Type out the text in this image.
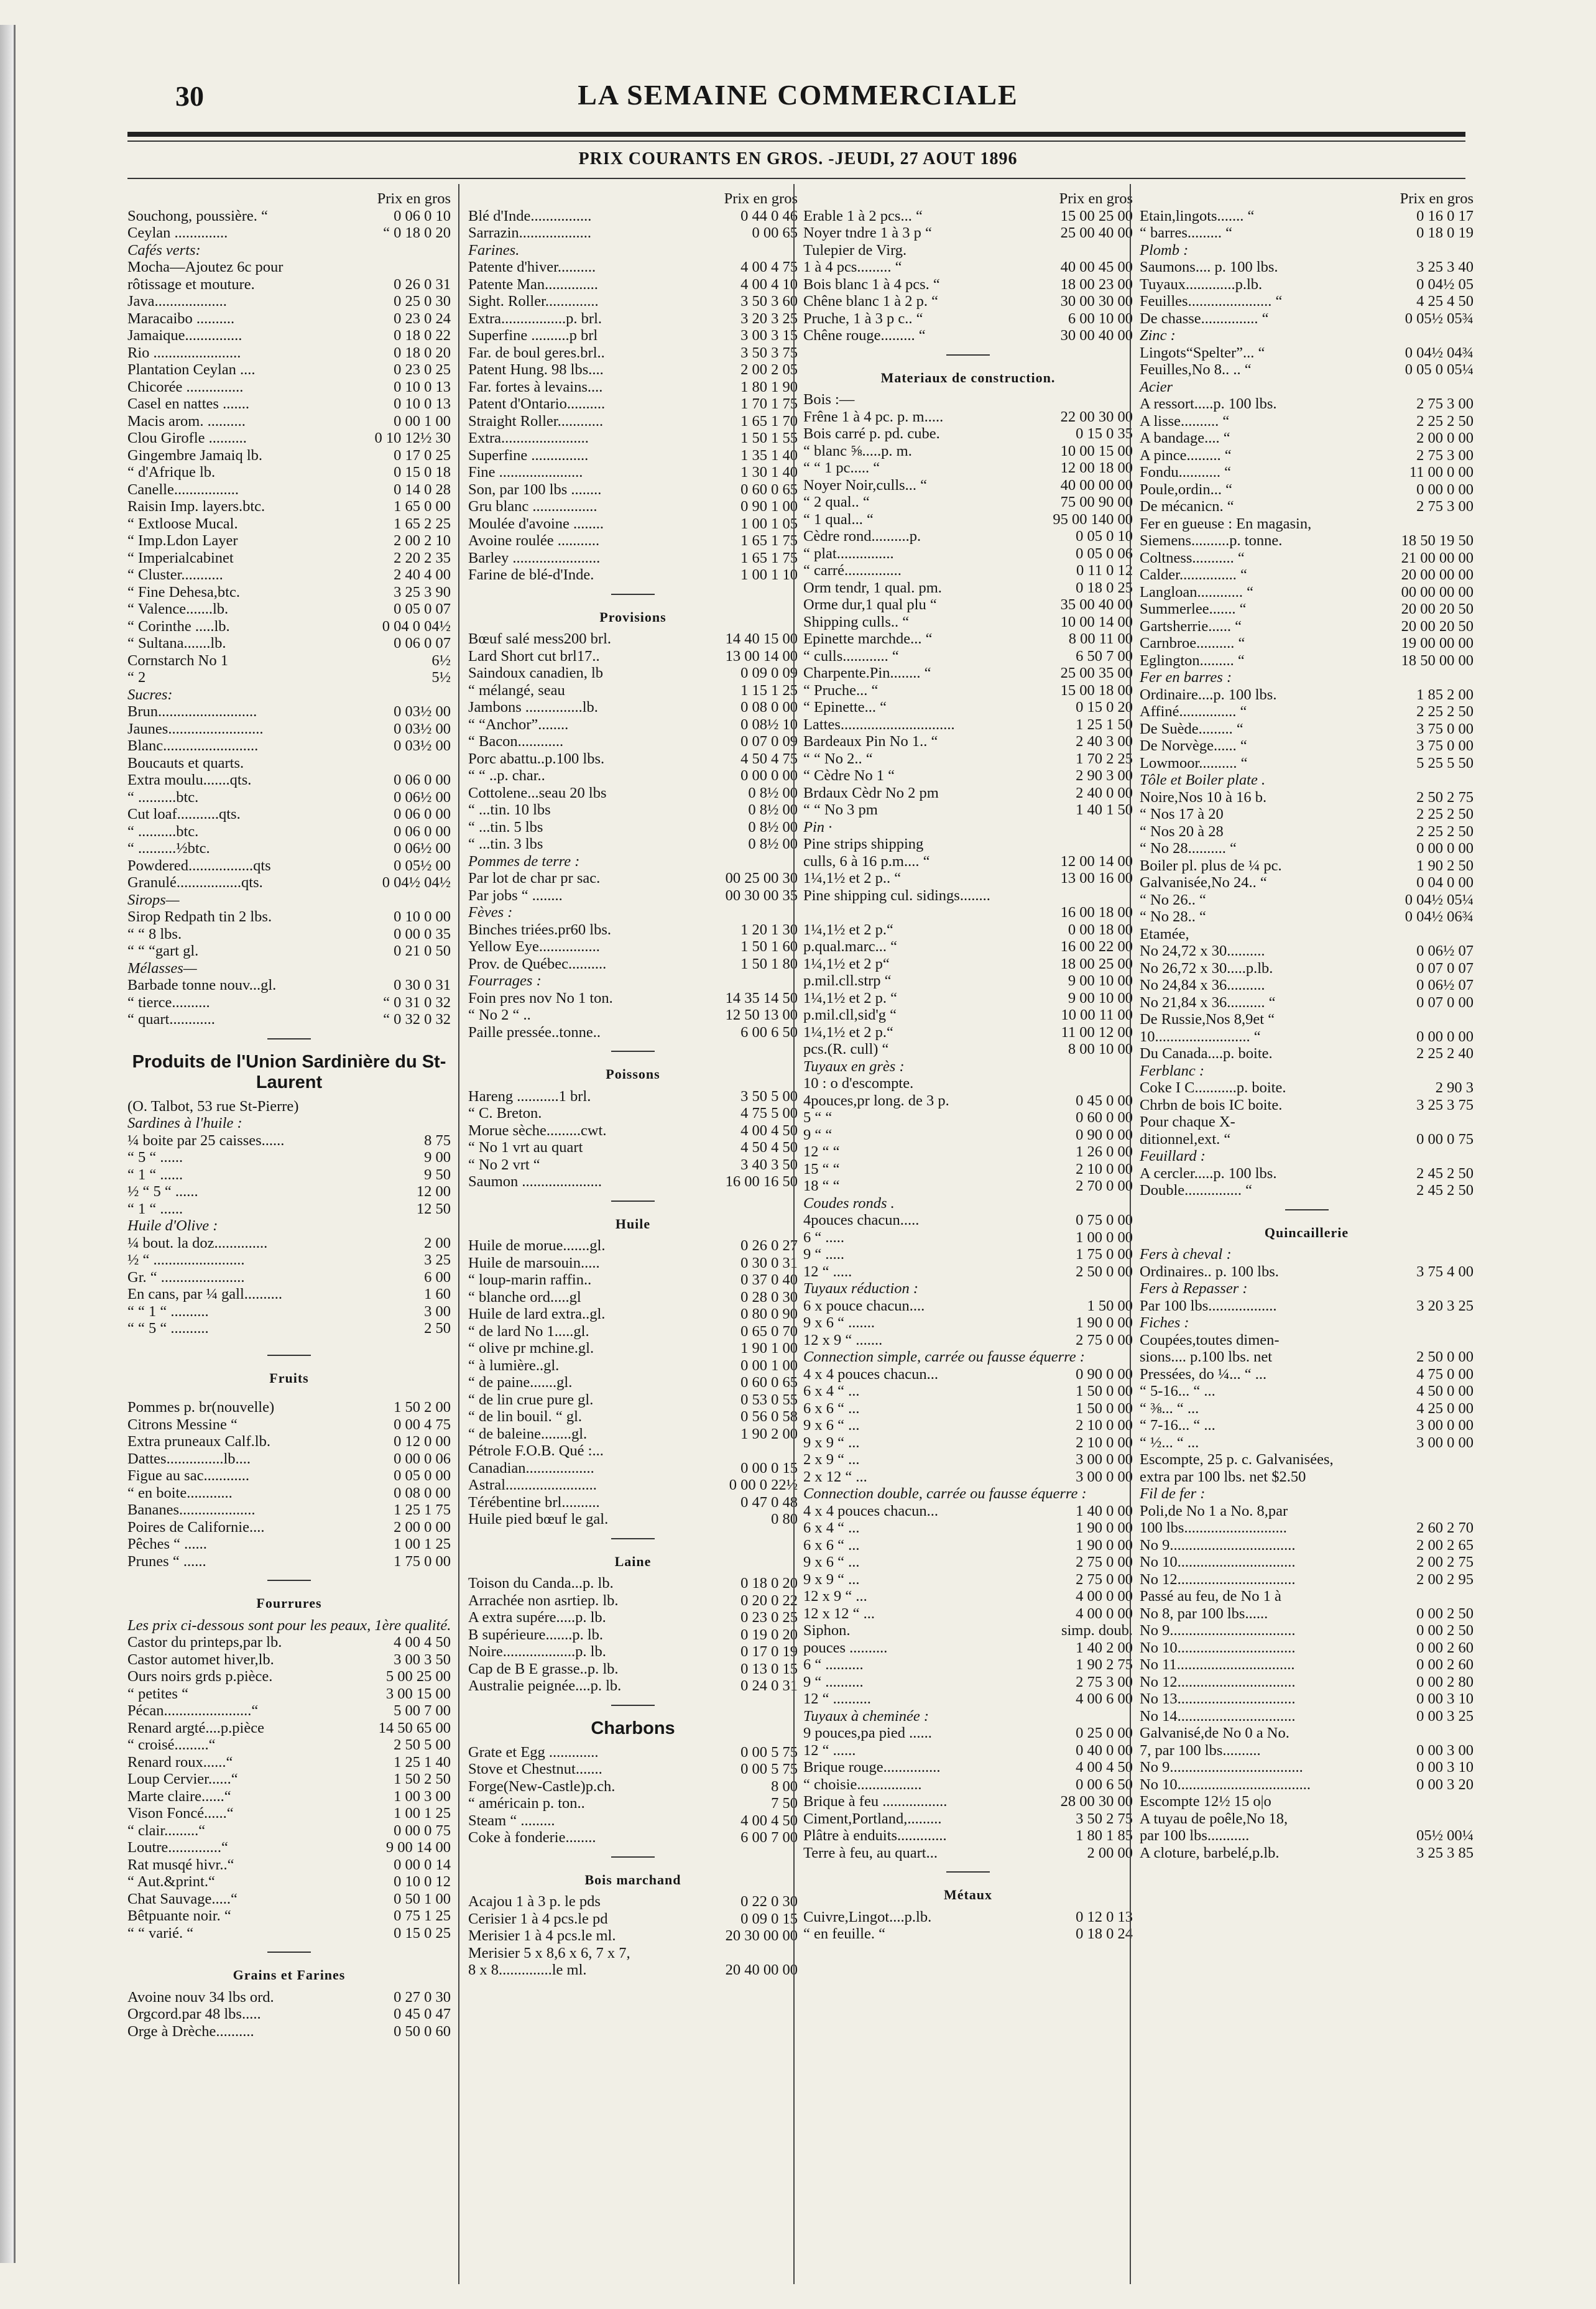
30	LA SEMAINE COMMERCIALE
PRIX COURANTS EN GROS. -JEUDI, 27 AOUT 1896
Prix en gros
Souchong, poussière. “	0 06 0 10
Ceylan ..............	“ 0 18 0 20
Cafés verts:
Mocha—Ajoutez 6c pour
rôtissage et mouture.	0 26 0 31
Java...................	0 25 0 30
Maracaibo ..........	0 23 0 24
Jamaique...............	0 18 0 22
Rio .......................	0 18 0 20
Plantation Ceylan ....	0 23 0 25
Chicorée ...............	0 10 0 13
Casel en nattes .......	0 10 0 13
Macis arom. ..........	0 00 1 00
Clou Girofle ..........	0 10 12½ 30
Gingembre Jamaiq lb.	0 17 0 25
“ d'Afrique lb.	0 15 0 18
Canelle.................	0 14 0 28
Raisin Imp. layers.btc.	1 65 0 00
“ Extloose Mucal.	1 65 2 25
“ Imp.Ldon Layer	2 00 2 10
“ Imperialcabinet	2 20 2 35
“ Cluster...........	2 40 4 00
“ Fine Dehesa,btc.	3 25 3 90
“ Valence.......lb.	0 05 0 07
“ Corinthe .....lb.	0 04 0 04½
“ Sultana.......lb.	0 06 0 07
Cornstarch No 1	6½
“ 2	5½
Sucres:
Brun..........................	0 03½ 00
Jaunes.........................	0 03½ 00
Blanc.........................	0 03½ 00
Boucauts et quarts.
Extra moulu.......qts.	0 06 0 00
“ ..........btc.	0 06½ 00
Cut loaf...........qts.	0 06 0 00
“ ..........btc.	0 06 0 00
“ ..........½btc.	0 06½ 00
Powdered.................qts	0 05½ 00
Granulé.................qts.	0 04½ 04½
Sirops—
Sirop Redpath tin 2 lbs.	0 10 0 00
“ “ 8 lbs.	0 00 0 35
“ “ “gart gl.	0 21 0 50
Mélasses—
Barbade tonne nouv...gl.	0 30 0 31
“ tierce..........	“ 0 31 0 32
“ quart............	“ 0 32 0 32
Produits de l'Union Sardinière du St-Laurent
(O. Talbot, 53 rue St-Pierre)
Sardines à l'huile :
¼ boite par 25 caisses......	8 75
“ 5 “ ......	9 00
“ 1 “ ......	9 50
½ “ 5 “ ......	12 00
“ 1 “ ......	12 50
Huile d'Olive :
¼ bout. la doz..............	2 00
½ “ ........................	3 25
Gr. “ ......................	6 00
En cans, par ¼ gall..........	1 60
“ “ 1 “ ..........	3 00
“ “ 5 “ ..........	2 50
Fruits
Pommes p. br(nouvelle)	1 50 2 00
Citrons Messine “	0 00 4 75
Extra pruneaux Calf.lb.	0 12 0 00
Dattes...............lb....	0 00 0 06
Figue au sac............	0 05 0 00
“ en boite............	0 08 0 00
Bananes....................	1 25 1 75
Poires de Californie....	2 00 0 00
Pêches “ ......	1 00 1 25
Prunes “ ......	1 75 0 00
Fourrures
Les prix ci-dessous sont pour les peaux, 1ère qualité.
Castor du printeps,par lb.	4 00 4 50
Castor automet hiver,lb.	3 00 3 50
Ours noirs grds p.pièce.	5 00 25 00
“ petites “	3 00 15 00
Pécan.......................“	5 00 7 00
Renard argté....p.pièce	14 50 65 00
“ croisé.........“	2 50 5 00
Renard roux......“	1 25 1 40
Loup Cervier......“	1 50 2 50
Marte claire......“	1 00 3 00
Vison Foncé......“	1 00 1 25
“ clair.........“	0 00 0 75
Loutre..............“	9 00 14 00
Rat musqé hivr..“	0 00 0 14
“ Aut.&print.“	0 10 0 12
Chat Sauvage.....“	0 50 1 00
Bêtpuante noir. “	0 75 1 25
“ “ varié. “	0 15 0 25
Grains et Farines
Avoine nouv 34 lbs ord.	0 27 0 30
Orgcord.par 48 lbs.....	0 45 0 47
Orge à Drèche..........	0 50 0 60
Prix en gros
Blé d'Inde................	0 44 0 46
Sarrazin...................	0 00 65
Farines.
Patente d'hiver..........	4 00 4 75
Patente Man..............	4 00 4 10
Sight. Roller..............	3 50 3 60
Extra.................p. brl.	3 20 3 25
Superfine ..........p brl	3 00 3 15
Far. de boul geres.brl..	3 50 3 75
Patent Hung. 98 lbs....	2 00 2 05
Far. fortes à levains....	1 80 1 90
Patent d'Ontario..........	1 70 1 75
Straight Roller............	1 65 1 70
Extra.......................	1 50 1 55
Superfine ...............	1 35 1 40
Fine ......................	1 30 1 40
Son, par 100 lbs ........	0 60 0 65
Gru blanc .................	0 90 1 00
Moulée d'avoine ........	1 00 1 05
Avoine roulée ...........	1 65 1 75
Barley .......................	1 65 1 75
Farine de blé-d'Inde.	1 00 1 10
Provisions
Bœuf salé mess200 brl.	14 40 15 00
Lard Short cut brl17..	13 00 14 00
Saindoux canadien, lb	0 09 0 09
“ mélangé, seau	1 15 1 25
Jambons ...............lb.	0 08 0 00
“ “Anchor”........	0 08½ 10
“ Bacon............	0 07 0 09
Porc abattu..p.100 lbs.	4 50 4 75
“ “ ..p. char..	0 00 0 00
Cottolene...seau 20 lbs	0 8½ 00
“ ...tin. 10 lbs	0 8½ 00
“ ...tin. 5 lbs	0 8½ 00
“ ...tin. 3 lbs	0 8½ 00
Pommes de terre :
Par lot de char pr sac.	00 25 00 30
Par jobs “ ........	00 30 00 35
Fèves :
Binches triées.pr60 lbs.	1 20 1 30
Yellow Eye................	1 50 1 60
Prov. de Québec..........	1 50 1 80
Fourrages :
Foin pres nov No 1 ton.	14 35 14 50
“ No 2 “ ..	12 50 13 00
Paille pressée..tonne..	6 00 6 50
Poissons
Hareng ...........1 brl.	3 50 5 00
“ C. Breton.	4 75 5 00
Morue sèche.........cwt.	4 00 4 50
“ No 1 vrt au quart	4 50 4 50
“ No 2 vrt “	3 40 3 50
Saumon .....................	16 00 16 50
Huile
Huile de morue.......gl.	0 26 0 27
Huile de marsouin.....	0 30 0 31
“ loup-marin raffin..	0 37 0 40
“ blanche ord.....gl	0 28 0 30
Huile de lard extra..gl.	0 80 0 90
“ de lard No 1.....gl.	0 65 0 70
“ olive pr mchine.gl.	1 90 1 00
“ à lumière..gl.	0 00 1 00
“ de paine.......gl.	0 60 0 65
“ de lin crue pure gl.	0 53 0 55
“ de lin bouil. “ gl.	0 56 0 58
“ de baleine........gl.	1 90 2 00
Pétrole F.O.B. Qué :...
Canadian..................	0 00 0 15
Astral........................	0 00 0 22½
Térébentine brl..........	0 47 0 48
Huile pied bœuf le gal.	0 80
Laine
Toison du Canda...p. lb.	0 18 0 20
Arrachée non asrtiep. lb.	0 20 0 22
A extra supére.....p. lb.	0 23 0 25
B supérieure.......p. lb.	0 19 0 20
Noire...................p. lb.	0 17 0 19
Cap de B E grasse..p. lb.	0 13 0 15
Australie peignée....p. lb.	0 24 0 31
Charbons
Grate et Egg .............	0 00 5 75
Stove et Chestnut.......	0 00 5 75
Forge(New-Castle)p.ch.	8 00
“ américain p. ton..	7 50
Steam “ .........	4 00 4 50
Coke à fonderie........	6 00 7 00
Bois marchand
Acajou 1 à 3 p. le pds	0 22 0 30
Cerisier 1 à 4 pcs.le pd	0 09 0 15
Merisier 1 à 4 pcs.le ml.	20 30 00 00
Merisier 5 x 8,6 x 6, 7 x 7,
8 x 8..............le ml.	20 40 00 00
Prix en gros
Erable 1 à 2 pcs... “	15 00 25 00
Noyer tndre 1 à 3 p “	25 00 40 00
Tulepier de Virg.
1 à 4 pcs......... “	40 00 45 00
Bois blanc 1 à 4 pcs. “	18 00 23 00
Chêne blanc 1 à 2 p. “	30 00 30 00
Pruche, 1 à 3 p c.. “	6 00 10 00
Chêne rouge......... “	30 00 40 00
Materiaux de construction.
Bois :—
Frêne 1 à 4 pc. p. m.....	22 00 30 00
Bois carré p. pd. cube.	0 15 0 35
“ blanc ⅝.....p. m.	10 00 15 00
“ “ 1 pc..... “	12 00 18 00
Noyer Noir,culls... “	40 00 00 00
“ 2 qual.. “	75 00 90 00
“ 1 qual... “	95 00 140 00
Cèdre rond..........p.	0 05 0 10
“ plat...............	0 05 0 06
“ carré...............	0 11 0 12
Orm tendr, 1 qual. pm.	0 18 0 25
Orme dur,1 qual plu “	35 00 40 00
Shipping culls.. “	10 00 14 00
Epinette marchde... “	8 00 11 00
“ culls............ “	6 50 7 00
Charpente.Pin........ “	25 00 35 00
“ Pruche... “	15 00 18 00
“ Epinette... “	0 15 0 20
Lattes..............................	1 25 1 50
Bardeaux Pin No 1.. “	2 40 3 00
“ “ No 2.. “	1 70 2 25
“ Cèdre No 1 “	2 90 3 00
Brdaux Cèdr No 2 pm	2 40 0 00
“ “ No 3 pm	1 40 1 50
Pin ·
Pine strips shipping
culls, 6 à 16 p.m.... “	12 00 14 00
1¼,1½ et 2 p.. “	13 00 16 00
Pine shipping cul. sidings........
16 00 18 00
1¼,1½ et 2 p.“	0 00 18 00
p.qual.marc... “	16 00 22 00
1¼,1½ et 2 p“	18 00 25 00
p.mil.cll.strp “	9 00 10 00
1¼,1½ et 2 p. “	9 00 10 00
p.mil.cll,sid'g “	10 00 11 00
1¼,1½ et 2 p.“	11 00 12 00
pcs.(R. cull) “	8 00 10 00
Tuyaux en grès :
10 : o d'escompte.
4pouces,pr long. de 3 p.	0 45 0 00
5 “ “	0 60 0 00
9 “ “	0 90 0 00
12 “ “	1 26 0 00
15 “ “	2 10 0 00
18 “ “	2 70 0 00
Coudes ronds .
4pouces chacun.....	0 75 0 00
6 “ .....	1 00 0 00
9 “ .....	1 75 0 00
12 “ .....	2 50 0 00
Tuyaux réduction :
6 x pouce chacun....	1 50 00
9 x 6 “ .......	1 90 0 00
12 x 9 “ .......	2 75 0 00
Connection simple, carrée ou fausse équerre :
4 x 4 pouces chacun...	0 90 0 00
6 x 4 “ ...	1 50 0 00
6 x 6 “ ...	1 50 0 00
9 x 6 “ ...	2 10 0 00
9 x 9 “ ...	2 10 0 00
2 x 9 “ ...	3 00 0 00
2 x 12 “ ...	3 00 0 00
Connection double, carrée ou fausse équerre :
4 x 4 pouces chacun...	1 40 0 00
6 x 4 “ ...	1 90 0 00
6 x 6 “ ...	1 90 0 00
9 x 6 “ ...	2 75 0 00
9 x 9 “ ...	2 75 0 00
12 x 9 “ ...	4 00 0 00
12 x 12 “ ...	4 00 0 00
Siphon.	simp. doub.
pouces ..........	1 40 2 00
6 “ ..........	1 90 2 75
9 “ ..........	2 75 3 00
12 “ ..........	4 00 6 00
Tuyaux à cheminée :
9 pouces,pa pied ......	0 25 0 00
12 “ ......	0 40 0 00
Brique rouge...............	4 00 4 50
“ choisie.................	0 00 6 50
Brique à feu .................	28 00 30 00
Ciment,Portland,.........	3 50 2 75
Plâtre à enduits.............	1 80 1 85
Terre à feu, au quart...	2 00 00
Métaux
Cuivre,Lingot....p.lb.	0 12 0 13
“ en feuille. “	0 18 0 24
Prix en gros
Etain,lingots....... “	0 16 0 17
“ barres......... “	0 18 0 19
Plomb :
Saumons.... p. 100 lbs.	3 25 3 40
Tuyaux.............p.lb.	0 04½ 05
Feuilles...................... “	4 25 4 50
De chasse............... “	0 05½ 05¾
Zinc :
Lingots“Spelter”... “	0 04½ 04¾
Feuilles,No 8.. .. “	0 05 0 05¼
Acier
A ressort.....p. 100 lbs.	2 75 3 00
A lisse.......... “	2 25 2 50
A bandage.... “	2 00 0 00
A pince......... “	2 75 3 00
Fondu........... “	11 00 0 00
Poule,ordin... “	0 00 0 00
De mécanicn. “	2 75 3 00
Fer en gueuse : En magasin,
Siemens..........p. tonne.	18 50 19 50
Coltness........... “	21 00 00 00
Calder............... “	20 00 00 00
Langloan............ “	00 00 00 00
Summerlee....... “	20 00 20 50
Gartsherrie...... “	20 00 20 50
Carnbroe.......... “	19 00 00 00
Eglington......... “	18 50 00 00
Fer en barres :
Ordinaire....p. 100 lbs.	1 85 2 00
Affiné............... “	2 25 2 50
De Suède......... “	3 75 0 00
De Norvège...... “	3 75 0 00
Lowmoor.......... “	5 25 5 50
Tôle et Boiler plate .
Noire,Nos 10 à 16 b.	2 50 2 75
“ Nos 17 à 20	2 25 2 50
“ Nos 20 à 28	2 25 2 50
“ No 28.......... “	0 00 0 00
Boiler pl. plus de ¼ pc.	1 90 2 50
Galvanisée,No 24.. “	0 04 0 00
“ No 26.. “	0 04½ 05¼
“ No 28.. “	0 04½ 06¾
Etamée,
No 24,72 x 30..........	0 06½ 07
No 26,72 x 30.....p.lb.	0 07 0 07
No 24,84 x 36..........	0 06½ 07
No 21,84 x 36.......... “	0 07 0 00
De Russie,Nos 8,9et “
10......................... “	0 00 0 00
Du Canada....p. boite.	2 25 2 40
Ferblanc :
Coke I C...........p. boite.	2 90 3
Chrbn de bois IC boite.	3 25 3 75
Pour chaque X-
ditionnel,ext. “	0 00 0 75
Feuillard :
A cercler.....p. 100 lbs.	2 45 2 50
Double............... “	2 45 2 50
Quincaillerie
Fers à cheval :
Ordinaires.. p. 100 lbs.	3 75 4 00
Fers à Repasser :
Par 100 lbs..................	3 20 3 25
Fiches :
Coupées,toutes dimen-
sions.... p.100 lbs. net	2 50 0 00
Pressées, do ¼... “ ...	4 75 0 00
“ 5-16... “ ...	4 50 0 00
“ ⅜... “ ...	4 25 0 00
“ 7-16... “ ...	3 00 0 00
“ ½... “ ...	3 00 0 00
Escompte, 25 p. c. Galvanisées,
extra par 100 lbs. net $2.50
Fil de fer :
Poli,de No 1 a No. 8,par
100 lbs...........................	2 60 2 70
No 9.................................	2 00 2 65
No 10...............................	2 00 2 75
No 12...............................	2 00 2 95
Passé au feu, de No 1 à
No 8, par 100 lbs......	0 00 2 50
No 9.................................	0 00 2 50
No 10...............................	0 00 2 60
No 11...............................	0 00 2 60
No 12...............................	0 00 2 80
No 13...............................	0 00 3 10
No 14...............................	0 00 3 25
Galvanisé,de No 0 a No.
7, par 100 lbs..........	0 00 3 00
No 9...................................	0 00 3 10
No 10...................................	0 00 3 20
Escompte 12½ 15 o|o
A tuyau de poêle,No 18,
par 100 lbs...........	05½ 00¼
A cloture, barbelé,p.lb.	3 25 3 85
